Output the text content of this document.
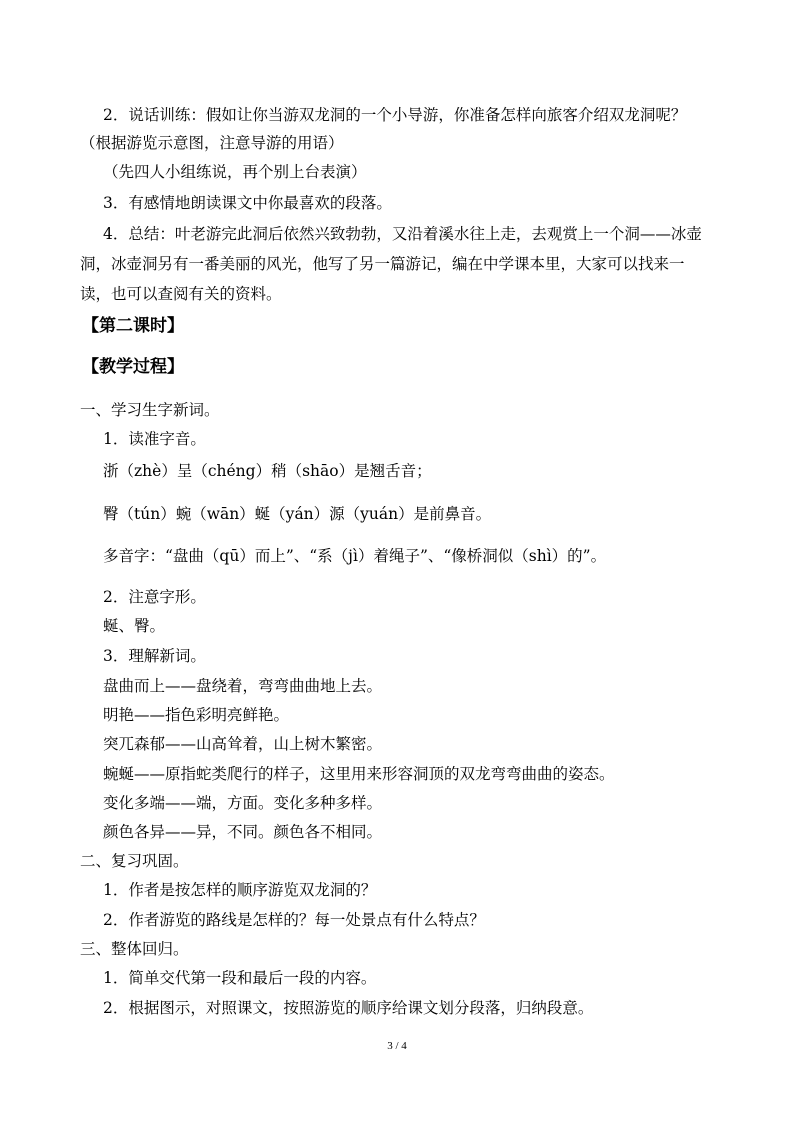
2．说话训练：假如让你当游双龙洞的一个小导游，你准备怎样向旅客介绍双龙洞呢？
（根据游览示意图，注意导游的用语）
（先四人小组练说，再个别上台表演）
3．有感情地朗读课文中你最喜欢的段落。
4．总结：叶老游完此洞后依然兴致勃勃，又沿着溪水往上走，去观赏上一个洞——冰壶
洞，冰壶洞另有一番美丽的风光，他写了另一篇游记，编在中学课本里，大家可以找来一
读，也可以查阅有关的资料。
【第二课时】
【教学过程】
一、学习生字新词。
1．读准字音。
浙（zhè）呈（chéng）稍（shāo）是翘舌音；
臀（tún）蜿（wān）蜒（yán）源（yuán）是前鼻音。
多音字：“盘曲（qū）而上”、“系（jì）着绳子”、“像桥洞似（shì）的”。
2．注意字形。
蜒、臀。
3．理解新词。
盘曲而上——盘绕着，弯弯曲曲地上去。
明艳——指色彩明亮鲜艳。
突兀森郁——山高耸着，山上树木繁密。
蜿蜒——原指蛇类爬行的样子，这里用来形容洞顶的双龙弯弯曲曲的姿态。
变化多端——端，方面。变化多种多样。
颜色各异——异，不同。颜色各不相同。
二、复习巩固。
1．作者是按怎样的顺序游览双龙洞的？
2．作者游览的路线是怎样的？每一处景点有什么特点？
三、整体回归。
1．简单交代第一段和最后一段的内容。
2．根据图示，对照课文，按照游览的顺序给课文划分段落，归纳段意。
3 / 4
